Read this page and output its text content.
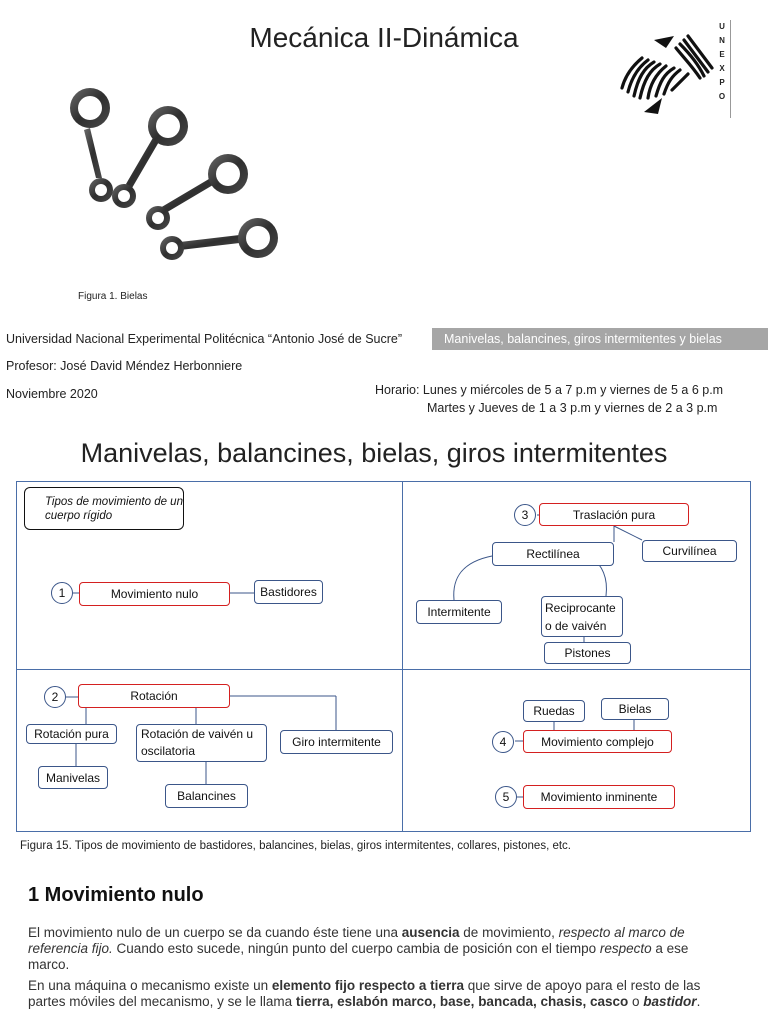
Mecánica II-Dinámica	U
N
E
X
P
O
Figura 1. Bielas
Universidad Nacional Experimental Politécnica “Antonio José de Sucre”	Manivelas, balancines, giros intermitentes y bielas
Profesor: José David Méndez Herbonniere
Noviembre 2020	Horario: Lunes y miércoles de 5 a 7 p.m y viernes de 5 a 6 p.m
Martes y Jueves de 1 a 3 p.m y viernes de 2 a 3 p.m
Manivelas, balancines, bielas, giros intermitentes
Tipos de movimiento de un cuerpo rígido
1	Movimiento nulo	Bastidores
3	Traslación pura
Rectilínea	Curvilínea
Intermitente	Reciprocante o de vaivén
Pistones
2	Rotación
Rotación pura	Rotación de vaivén u oscilatoria
Giro intermitente
Manivelas
Balancines
Ruedas	Bielas
4	Movimiento complejo
5	Movimiento inminente
Figura 15. Tipos de movimiento de bastidores, balancines, bielas, giros intermitentes, collares, pistones, etc.
1 Movimiento nulo
El movimiento nulo de un cuerpo se da cuando éste tiene una ausencia de movimiento, respecto al marco de referencia fijo. Cuando esto sucede, ningún punto del cuerpo cambia de posición con el tiempo respecto a ese marco.
En una máquina o mecanismo existe un elemento fijo respecto a tierra que sirve de apoyo para el resto de las partes móviles del mecanismo, y se le llama tierra, eslabón marco, base, bancada, chasis, casco o bastidor.
